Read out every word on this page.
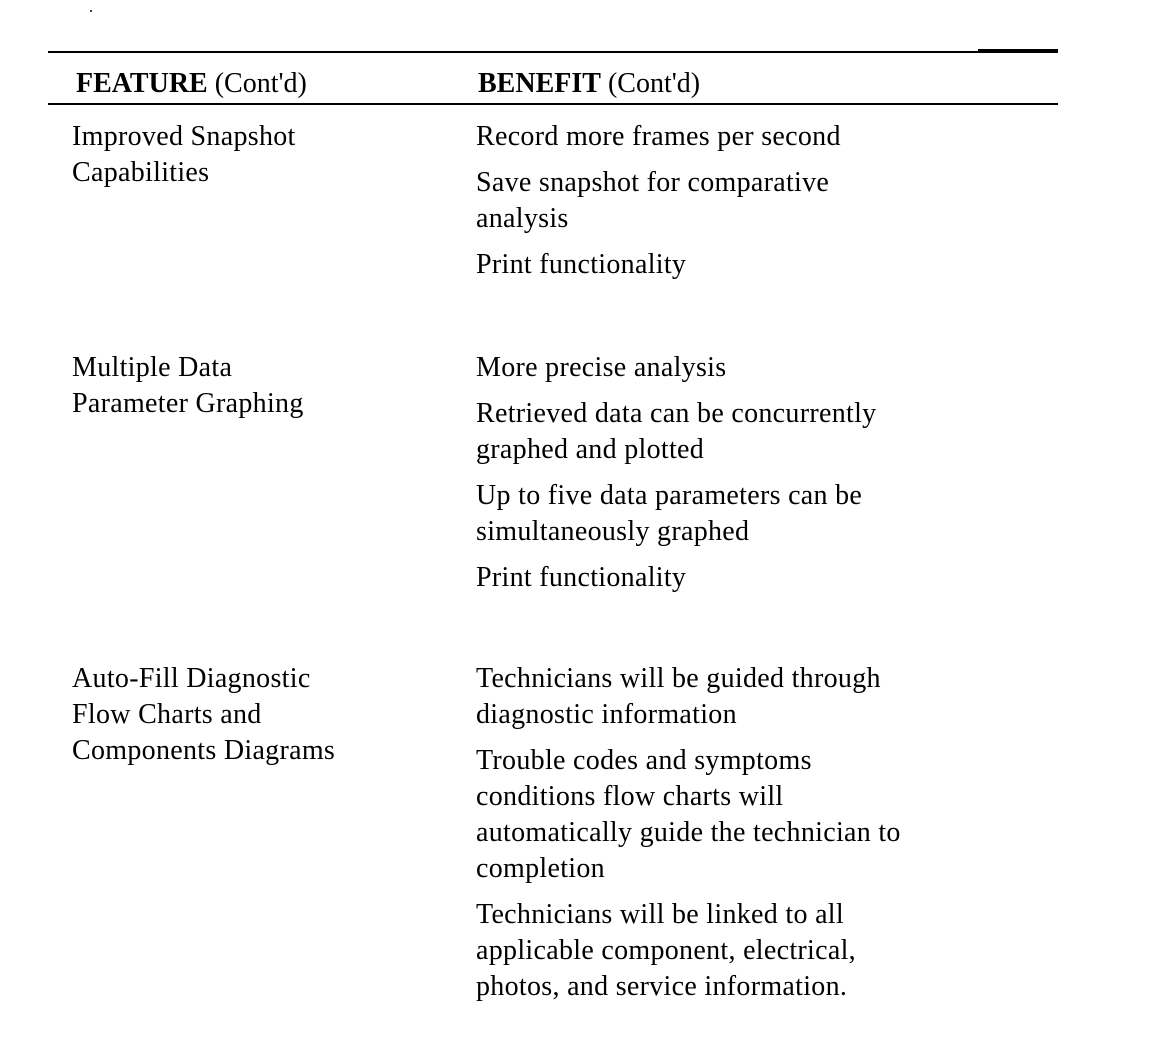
FEATURE (Cont'd)	BENEFIT (Cont'd)
Improved Snapshot
Capabilities
Record more frames per second
Save snapshot for comparative
analysis
Print functionality
Multiple Data
Parameter Graphing
More precise analysis
Retrieved data can be concurrently
graphed and plotted
Up to five data parameters can be
simultaneously graphed
Print functionality
Auto-Fill Diagnostic
Flow Charts and
Components Diagrams
Technicians will be guided through
diagnostic information
Trouble codes and symptoms
conditions flow charts will
automatically guide the technician to
completion
Technicians will be linked to all
applicable component, electrical,
photos, and service information.
